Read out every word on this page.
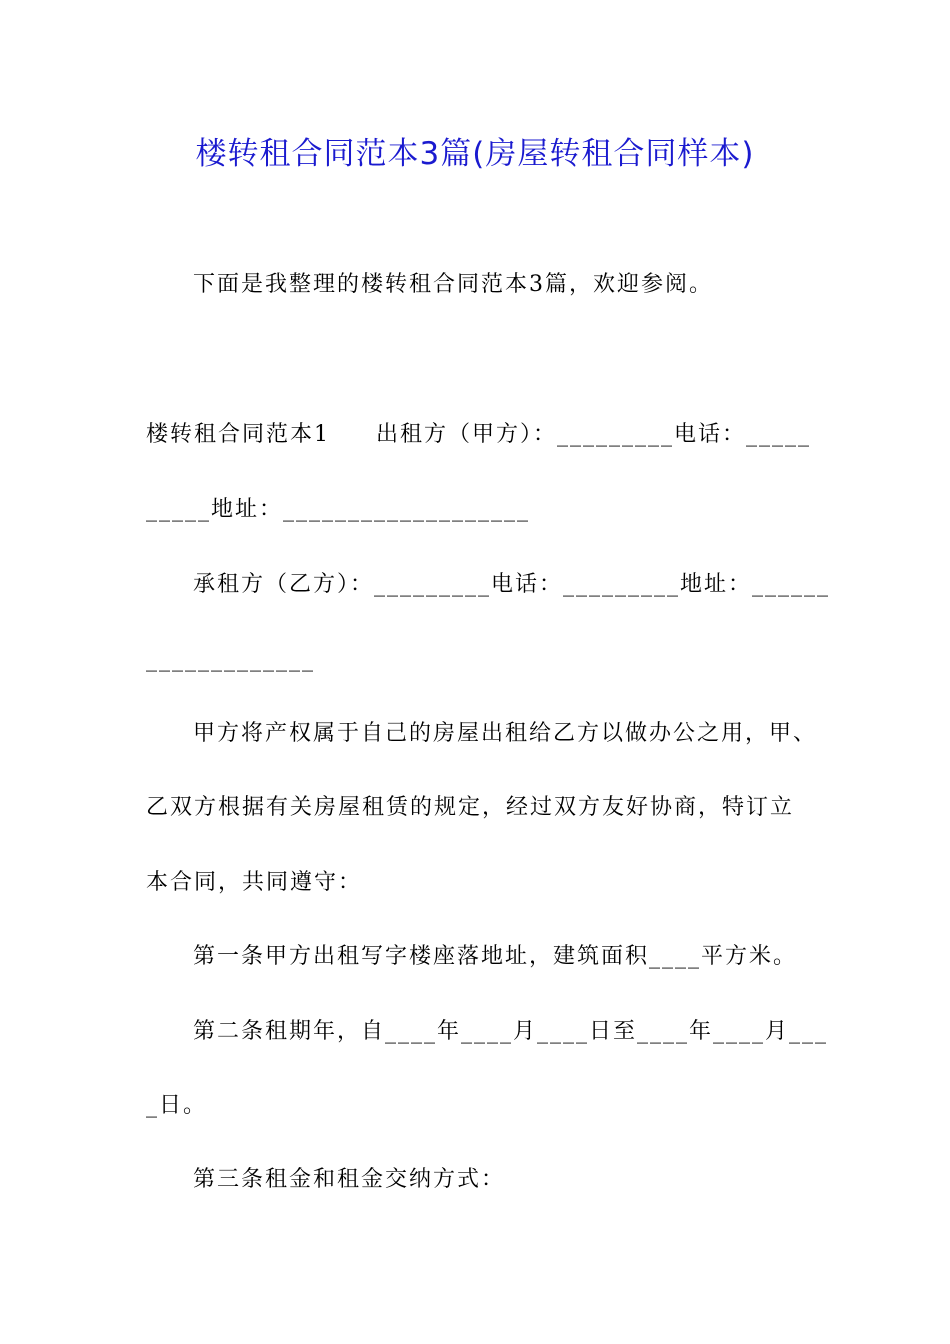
楼转租合同范本3篇(房屋转租合同样本)
下面是我整理的楼转租合同范本3篇，欢迎参阅。
楼转租合同范本1 出租方（甲方）：_________电话：_____
_____地址：___________________
承租方（乙方）：_________电话：_________地址：______
_____________
甲方将产权属于自己的房屋出租给乙方以做办公之用，甲、
乙双方根据有关房屋租赁的规定，经过双方友好协商，特订立
本合同，共同遵守：
第一条甲方出租写字楼座落地址，建筑面积____平方米。
第二条租期年，自____年____月____日至____年____月___
_日。
第三条租金和租金交纳方式：
